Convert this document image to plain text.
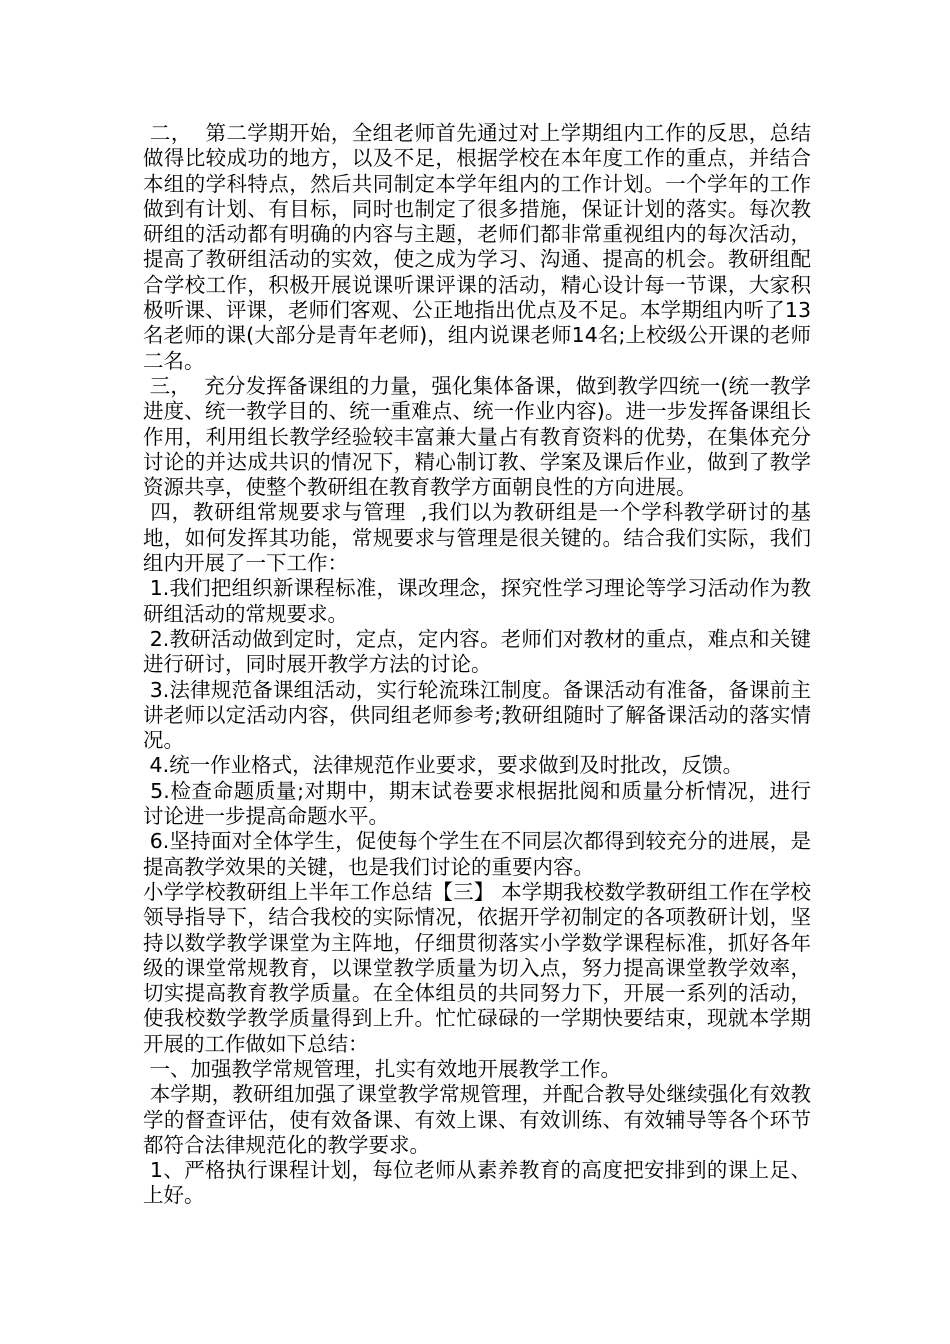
二，  第二学期开始，全组老师首先通过对上学期组内工作的反思，总结做得比较成功的地方，以及不足，根据学校在本年度工作的重点，并结合本组的学科特点，然后共同制定本学年组内的工作计划。一个学年的工作做到有计划、有目标，同时也制定了很多措施，保证计划的落实。每次教研组的活动都有明确的内容与主题，老师们都非常重视组内的每次活动，提高了教研组活动的实效，使之成为学习、沟通、提高的机会。教研组配合学校工作，积极开展说课听课评课的活动，精心设计每一节课，大家积极听课、评课，老师们客观、公正地指出优点及不足。本学期组内听了13名老师的课(大部分是青年老师)，组内说课老师14名;上校级公开课的老师二名。

三，  充分发挥备课组的力量，强化集体备课，做到教学四统一(统一教学进度、统一教学目的、统一重难点、统一作业内容)。进一步发挥备课组长作用，利用组长教学经验较丰富兼大量占有教育资料的优势，在集体充分讨论的并达成共识的情况下，精心制订教、学案及课后作业，做到了教学资源共享，使整个教研组在教育教学方面朝良性的方向进展。

四，教研组常规要求与管理  ,我们以为教研组是一个学科教学研讨的基地，如何发挥其功能，常规要求与管理是很关键的。结合我们实际，我们组内开展了一下工作：

1.我们把组织新课程标准，课改理念，探究性学习理论等学习活动作为教研组活动的常规要求。

2.教研活动做到定时，定点，定内容。老师们对教材的重点，难点和关键进行研讨，同时展开教学方法的讨论。

3.法律规范备课组活动，实行轮流珠江制度。备课活动有准备，备课前主讲老师以定活动内容，供同组老师参考;教研组随时了解备课活动的落实情况。

4.统一作业格式，法律规范作业要求，要求做到及时批改，反馈。

5.检查命题质量;对期中，期末试卷要求根据批阅和质量分析情况，进行讨论进一步提高命题水平。

6.坚持面对全体学生，促使每个学生在不同层次都得到较充分的进展，是提高教学效果的关键，也是我们讨论的重要内容。

小学学校教研组上半年工作总结【三】 本学期我校数学教研组工作在学校领导指导下，结合我校的实际情况，依据开学初制定的各项教研计划，坚持以数学教学课堂为主阵地，仔细贯彻落实小学数学课程标准，抓好各年级的课堂常规教育，以课堂教学质量为切入点，努力提高课堂教学效率，切实提高教育教学质量。在全体组员的共同努力下，开展一系列的活动，使我校数学教学质量得到上升。忙忙碌碌的一学期快要结束，现就本学期开展的工作做如下总结：

一、加强教学常规管理，扎实有效地开展教学工作。

本学期，教研组加强了课堂教学常规管理，并配合教导处继续强化有效教学的督查评估，使有效备课、有效上课、有效训练、有效辅导等各个环节都符合法律规范化的教学要求。

1、严格执行课程计划，每位老师从素养教育的高度把安排到的课上足、上好。
